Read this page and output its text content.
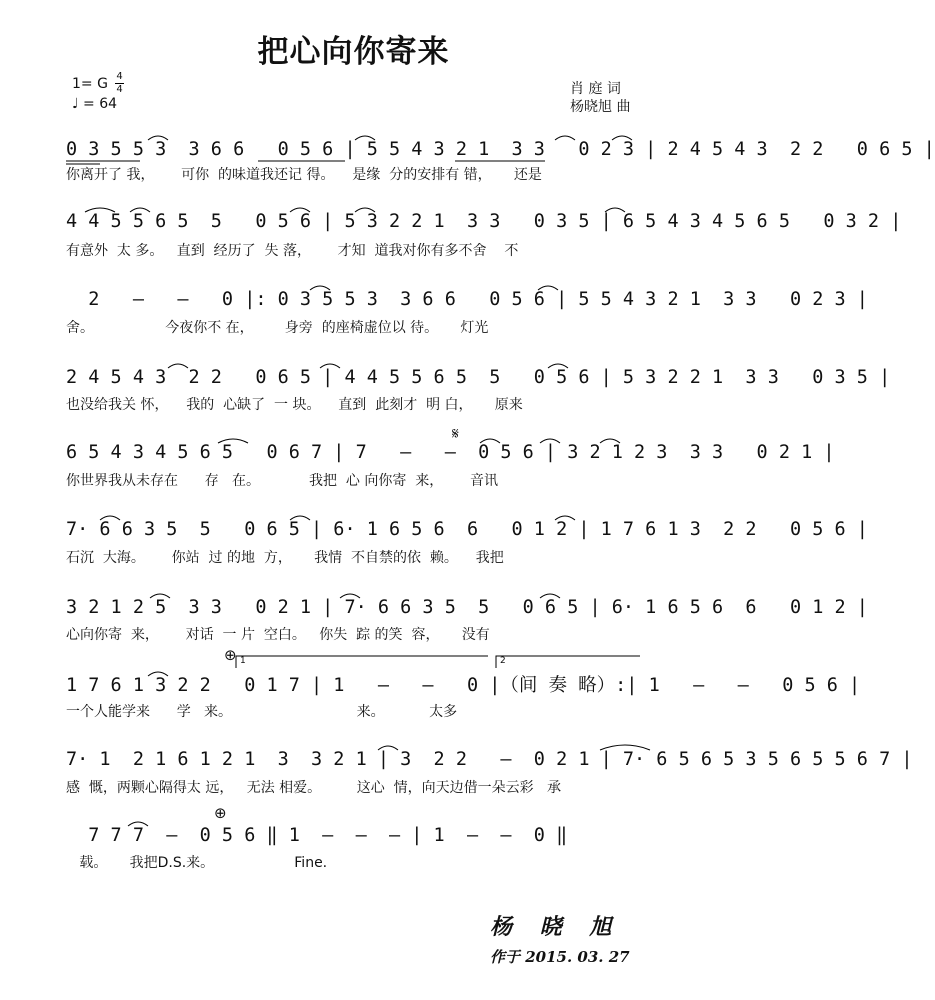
把心向你寄来
1= G 4
4
♩ = 64
肖 庭 词
杨晓旭 曲
0 3 5 5 3  3 6 6   0 5 6 | 5 5 4 3 2 1  3 3   0 2 3 | 2 4 5 4 3  2 2   0 6 5 |
你离开了 我，      可你  的味道我还记 得。    是缘  分的安排有 错，     还是
4 4 5 5 6 5  5   0 5 6 | 5 3 2 2 1  3 3   0 3 5 | 6 5 4 3 4 5 6 5   0 3 2 |
有意外  太 多。   直到  经历了  失 落，      才知  道我对你有多不舍    不
2   —   —   0 |: 0 3 5 5 3  3 6 6   0 5 6 | 5 5 4 3 2 1  3 3   0 2 3 |
舍。                今夜你不 在，       身旁  的座椅虚位以 待。     灯光
2 4 5 4 3  2 2   0 6 5 | 4 4 5 5 6 5  5   0 5 6 | 5 3 2 2 1  3 3   0 3 5 |
也没给我关 怀，    我的  心缺了  一 块。    直到  此刻才  明 白，     原来
6 5 4 3 4 5 6 5   0 6 7 | 7   —   —  0 5 6 | 3 2 1 2 3  3 3   0 2 1 |
你世界我从未存在      存   在。           我把  心 向你寄  来，      音讯
7· 6 6 3 5  5   0 6 5 | 6· 1 6 5 6  6   0 1 2 | 1 7 6 1 3  2 2   0 5 6 |
石沉  大海。      你站  过 的地  方，     我情  不自禁的依  赖。    我把
3 2 1 2 5  3 3   0 2 1 | 7· 6 6 3 5  5   0 6 5 | 6· 1 6 5 6  6   0 1 2 |
心向你寄  来，      对话  一 片  空白。   你失  踪 的笑  容，     没有
1 7 6 1 3 2 2   0 1 7 | 1   —   —   0 |（间 奏 略）:| 1   —   —   0 5 6 |
一个人能学来      学   来。                            来。          太多
7· 1  2 1 6 1 2 1  3  3 2 1 | 3  2 2   —  0 2 1 | 7· 6 5 6 5 3 5 6 5 5 6 7 |
感  慨，两颗心隔得太 远，   无法 相爱。        这心  情，向天边借一朵云彩   承
7 7 7  —  0 5 6 ‖ 1  —  —  — | 1  —  —  0 ‖
载。     我把D.S.来。                  Fine.
𝄋
⊕
⊕
1	2
杨 晓 旭
作于 2015. 03. 27
